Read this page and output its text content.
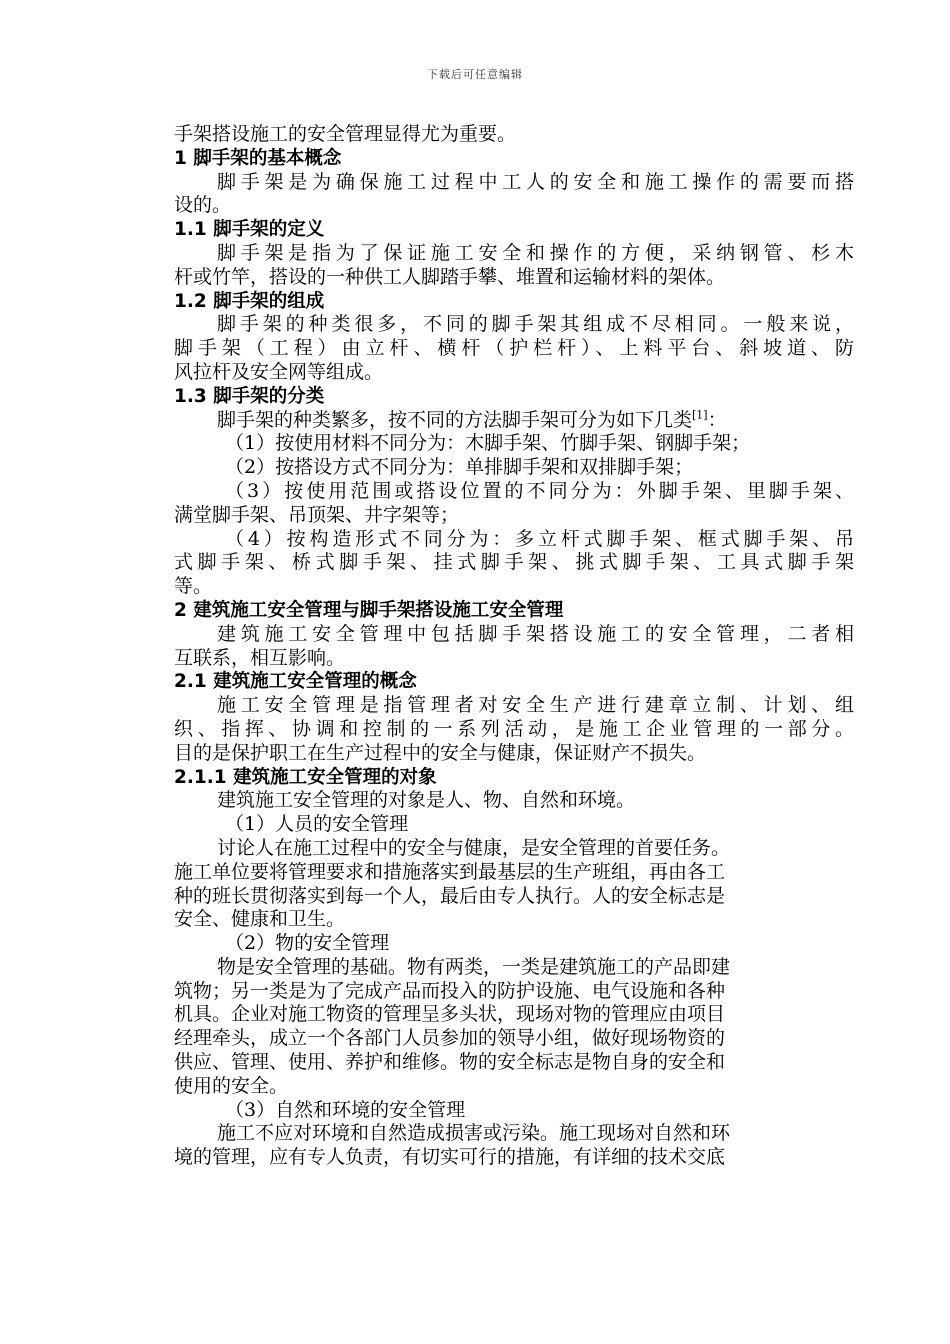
下载后可任意编辑
手架搭设施工的安全管理显得尤为重要。
1 脚手架的基本概念
脚手架是为确保施工过程中工人的安全和施工操作的需要而搭
设的。
1.1 脚手架的定义
脚手架是指为了保证施工安全和操作的方便，采纳钢管、杉木
杆或竹竿，搭设的一种供工人脚踏手攀、堆置和运输材料的架体。
1.2 脚手架的组成
脚手架的种类很多，不同的脚手架其组成不尽相同。一般来说，
脚手架（工程）由立杆、横杆（护栏杆）、上料平台、斜坡道、防
风拉杆及安全网等组成。
1.3 脚手架的分类
脚手架的种类繁多，按不同的方法脚手架可分为如下几类[1]：
（1）按使用材料不同分为：木脚手架、竹脚手架、钢脚手架；
（2）按搭设方式不同分为：单排脚手架和双排脚手架；
（3）按使用范围或搭设位置的不同分为：外脚手架、里脚手架、
满堂脚手架、吊顶架、井字架等；
（4）按构造形式不同分为：多立杆式脚手架、框式脚手架、吊
式脚手架、桥式脚手架、挂式脚手架、挑式脚手架、工具式脚手架
等。
2 建筑施工安全管理与脚手架搭设施工安全管理
建筑施工安全管理中包括脚手架搭设施工的安全管理，二者相
互联系，相互影响。
2.1 建筑施工安全管理的概念
施工安全管理是指管理者对安全生产进行建章立制、计划、组
织、指挥、协调和控制的一系列活动，是施工企业管理的一部分。
目的是保护职工在生产过程中的安全与健康，保证财产不损失。
2.1.1 建筑施工安全管理的对象
建筑施工安全管理的对象是人、物、自然和环境。
（1）人员的安全管理
讨论人在施工过程中的安全与健康，是安全管理的首要任务。
施工单位要将管理要求和措施落实到最基层的生产班组，再由各工
种的班长贯彻落实到每一个人，最后由专人执行。人的安全标志是
安全、健康和卫生。
（2）物的安全管理
物是安全管理的基础。物有两类，一类是建筑施工的产品即建
筑物；另一类是为了完成产品而投入的防护设施、电气设施和各种
机具。企业对施工物资的管理呈多头状，现场对物的管理应由项目
经理牵头，成立一个各部门人员参加的领导小组，做好现场物资的
供应、管理、使用、养护和维修。物的安全标志是物自身的安全和
使用的安全。
（3）自然和环境的安全管理
施工不应对环境和自然造成损害或污染。施工现场对自然和环
境的管理，应有专人负责，有切实可行的措施，有详细的技术交底
